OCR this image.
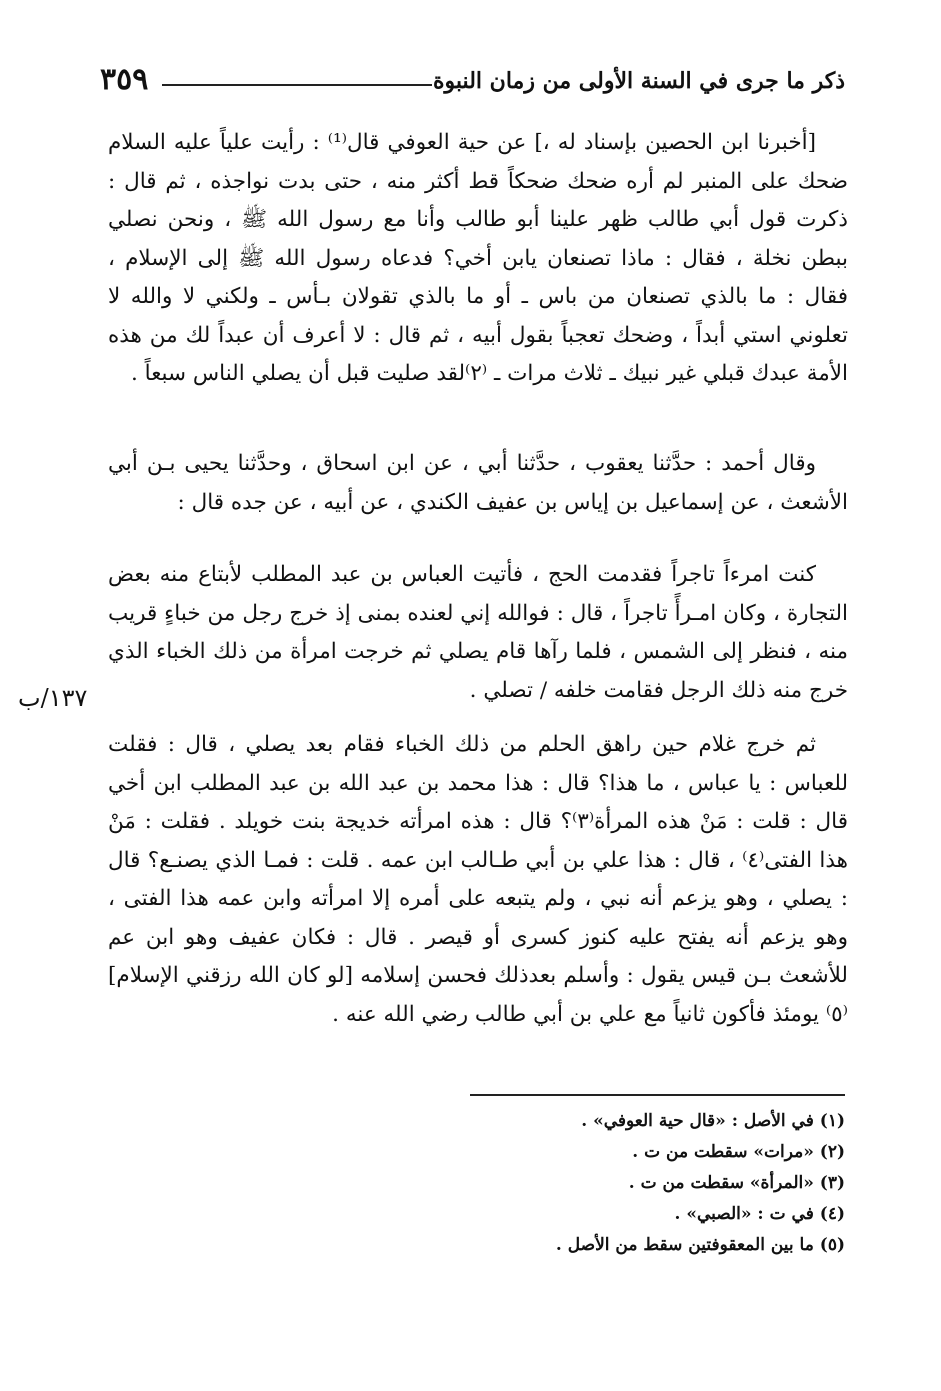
ذكر ما جرى في السنة الأولى من زمان النبوة
٣٥٩

[أخبرنا ابن الحصين بإسناد له ،] عن حية العوفي قال⁽¹⁾ : رأيت علياً عليه السلام ضحك على المنبر لم أره ضحك ضحكاً قط أكثر منه ، حتى بدت نواجذه ، ثم قال : ذكرت قول أبي طالب ظهر علينا أبو طالب وأنا مع رسول الله ﷺ ، ونحن نصلي ببطن نخلة ، فقال : ماذا تصنعان يابن أخي؟ فدعاه رسول الله ﷺ إلى الإسلام ، فقال : ما بالذي تصنعان من باس ـ أو ما بالذي تقولان بـأس ـ ولكني لا والله لا تعلوني استي أبداً ، وضحك تعجباً بقول أبيه ، ثم قال : لا أعرف أن عبداً لك من هذه الأمة عبدك قبلي غير نبيك ـ ثلاث مرات ـ ⁽٢⁾لقد صليت قبل أن يصلي الناس سبعاً .

وقال أحمد : حدَّثنا يعقوب ، حدَّثنا أبي ، عن ابن اسحاق ، وحدَّثنا يحيى بـن أبي الأشعث ، عن إسماعيل بن إياس بن عفيف الكندي ، عن أبيه ، عن جده قال :

كنت امرءاً تاجراً فقدمت الحج ، فأتيت العباس بن عبد المطلب لأبتاع منه بعض التجارة ، وكان امـرأً تاجراً ، قال : فوالله إني لعنده بمنى إذ خرج رجل من خباءٍ قريب منه ، فنظر إلى الشمس ، فلما رآها قام يصلي ثم خرجت امرأة من ذلك الخباء الذي خرج منه ذلك الرجل فقامت خلفه / تصلي .

ثم خرج غلام حين راهق الحلم من ذلك الخباء فقام بعد يصلي ، قال : فقلت للعباس : يا عباس ، ما هذا؟ قال : هذا محمد بن عبد الله بن عبد المطلب ابن أخي قال : قلت : مَنْ هذه المرأة⁽٣⁾؟ قال : هذه امرأته خديجة بنت خويلد . فقلت : مَنْ هذا الفتى⁽٤⁾ ، قال : هذا علي بن أبي طـالب ابن عمه . قلت : فمـا الذي يصنـع؟ قال : يصلي ، وهو يزعم أنه نبي ، ولم يتبعه على أمره إلا امرأته وابن عمه هذا الفتى ، وهو يزعم أنه يفتح عليه كنوز كسرى أو قيصر . قال : فكان عفيف وهو ابن عم للأشعث بـن قيس يقول : وأسلم بعدذلك فحسن إسلامه [لو كان الله رزقني الإسلام]⁽٥⁾ يومئذ فأكون ثانياً مع علي بن أبي طالب رضي الله عنه .

١٣٧/ب
(١) في الأصل : «قال حية العوفي» .
(٢) «مرات» سقطت من ت .
(٣) «المرأة» سقطت من ت .
(٤) في ت : «الصبي» .
(٥) ما بين المعقوفتين سقط من الأصل .
